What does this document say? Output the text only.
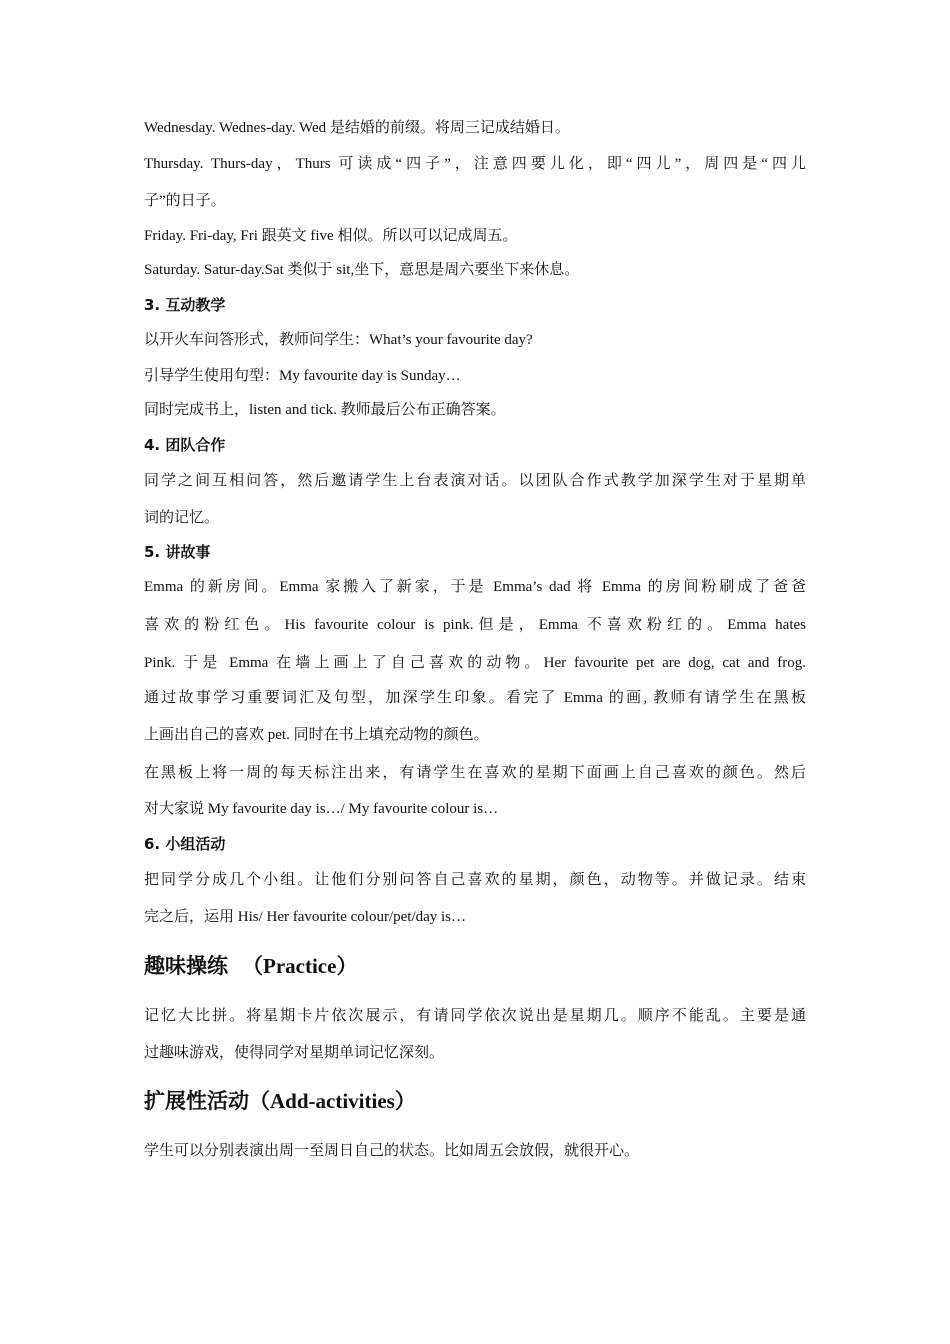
Wednesday. Wednes-day. Wed 是结婚的前缀。将周三记成结婚日。
Thursday. Thurs-day，Thurs 可读成“四子”，注意四要儿化，即“四儿”，周四是“四儿
子”的日子。
Friday. Fri-day, Fri 跟英文 five 相似。所以可以记成周五。
Saturday. Satur-day.Sat 类似于 sit,坐下，意思是周六要坐下来休息。
3. 互动教学
以开火车问答形式，教师问学生：What’s your favourite day?
引导学生使用句型：My favourite day is Sunday…
同时完成书上，listen and tick. 教师最后公布正确答案。
4. 团队合作
同学之间互相问答，然后邀请学生上台表演对话。以团队合作式教学加深学生对于星期单
词的记忆。
5. 讲故事
Emma 的新房间。Emma 家搬入了新家，于是 Emma’s dad 将 Emma 的房间粉刷成了爸爸
喜欢的粉红色。His favourite colour is pink.但是，Emma 不喜欢粉红的。Emma hates
Pink. 于是 Emma 在墙上画上了自己喜欢的动物。Her favourite pet are dog, cat and frog.
通过故事学习重要词汇及句型，加深学生印象。看完了 Emma 的画, 教师有请学生在黑板
上画出自己的喜欢 pet. 同时在书上填充动物的颜色。
在黑板上将一周的每天标注出来，有请学生在喜欢的星期下面画上自己喜欢的颜色。然后
对大家说 My favourite day is…/ My favourite colour is…
6. 小组活动
把同学分成几个小组。让他们分别问答自己喜欢的星期，颜色，动物等。并做记录。结束
完之后，运用 His/ Her favourite colour/pet/day is…
趣味操练 （Practice）
记忆大比拼。将星期卡片依次展示，有请同学依次说出是星期几。顺序不能乱。主要是通
过趣味游戏，使得同学对星期单词记忆深刻。
扩展性活动（Add-activities）
学生可以分别表演出周一至周日自己的状态。比如周五会放假，就很开心。
